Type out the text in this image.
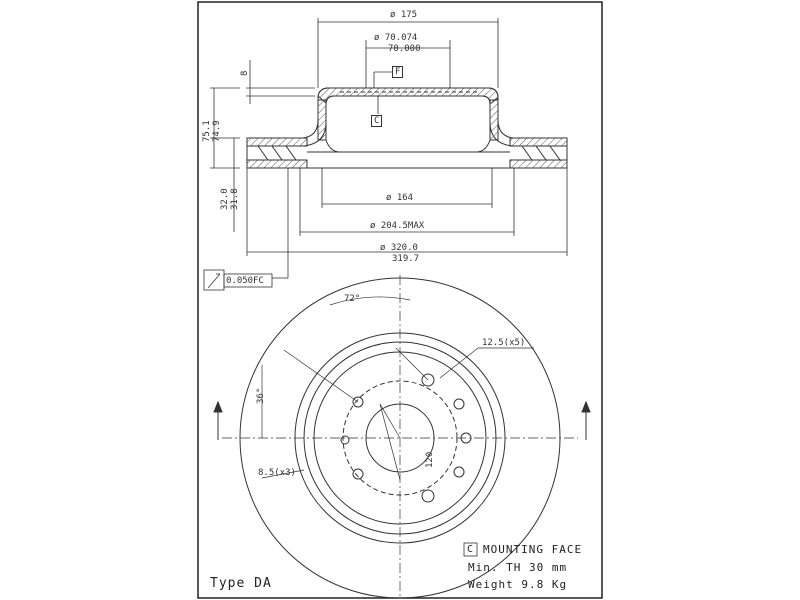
ø 175
ø 70.074
70.000
F
C
8
75.1 74.9
32.0 31.8	ø 164
ø 204.5MAX
ø 320.0
319.7
0.050 FC
72°
36°
12.5(x5)
8.5(x3)
120
C MOUNTING FACE
Min. TH 30 mm
Weight 9.8 Kg
Type DA
